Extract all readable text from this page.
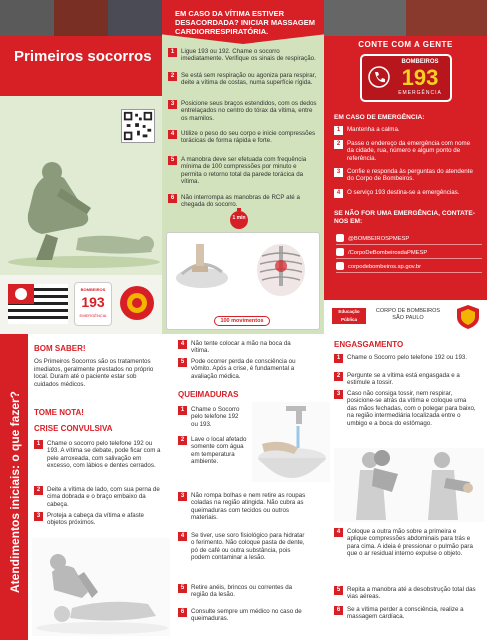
Primeiros socorros
BOMBEIROS
193
EMERGÊNCIA
EM CASO DA VÍTIMA ESTIVER DESACORDADA? INICIAR MASSAGEM CARDIORRESPIRATÓRIA.
1 Ligue 193 ou 192. Chame o socorro imediatamente. Verifique os sinais de respiração.
2 Se está sem respiração ou agoniza para respirar, deite a vítima de costas, numa superfície rígida.
3 Posicione seus braços estendidos, com os dedos entrelaçados no centro do tórax da vítima, entre os mamilos.
4 Utilize o peso do seu corpo e inicie compressões torácicas de forma rápida e forte.
5 A manobra deve ser efetuada com frequência mínima de 100 compressões por minuto e permita o retorno total da parede torácica da vítima.
6 Não interrompa as manobras de RCP até a chegada do socorro.
1 min
100 movimentos
CONTE COM A GENTE
BOMBEIROS
193
EMERGÊNCIA
EM CASO DE EMERGÊNCIA:
1 Mantenha a calma.
2 Passe o endereço da emergência com nome da cidade, rua, número e algum ponto de referência.
3 Confie e responda às perguntas do atendente do Corpo de Bombeiros.
4 O serviço 193 destina-se a emergências.
SE NÃO FOR UMA EMERGÊNCIA, CONTATE-NOS EM:
@BOMBEIROSPMESP
/CorpoDeBombeirosdaPMESP
corpodebombeiros.sp.gov.br
Educação Pública
CORPO DE BOMBEIROS SÃO PAULO
Atendimentos iniciais: o que fazer?
BOM SABER!
Os Primeiros Socorros são os tratamentos imediatos, geralmente prestados no próprio local. Duram até o paciente estar sob cuidados médicos.
TOME NOTA!
CRISE CONVULSIVA
1 Chame o socorro pelo telefone 192 ou 193. A vítima se debate, pode ficar com a pele arroxeada, com salivação em excesso, com lábios e dentes cerrados.
2 Deite a vítima de lado, com sua perna de cima dobrada e o braço embaixo da cabeça.
3 Proteja a cabeça da vítima e afaste objetos próximos.
4 Não tente colocar a mão na boca da vítima.
5 Pode ocorrer perda de consciência ou vômito. Após a crise, é fundamental a avaliação médica.
QUEIMADURAS
1 Chame o Socorro pelo telefone 192 ou 193.
2 Lave o local afetado somente com água em temperatura ambiente.
3 Não rompa bolhas e nem retire as roupas coladas na região atingida. Não cubra as queimaduras com tecidos ou outros materiais.
4 Se tiver, use soro fisiológico para hidratar o ferimento. Não coloque pasta de dente, pó de café ou outra substância, pois podem contaminar a lesão.
5 Retire anéis, brincos ou correntes da região da lesão.
6 Consulte sempre um médico no caso de queimaduras.
ENGASGAMENTO
1 Chame o Socorro pelo telefone 192 ou 193.
2 Pergunte se a vítima está engasgada e a estimule a tossir.
3 Caso não consiga tossir, nem respirar, posicione-se atrás da vítima e coloque uma das mãos fechadas, com o polegar para baixo, na região intermediária localizada entre o umbigo e a boca do estômago.
4 Coloque a outra mão sobre a primeira e aplique compressões abdominais para trás e para cima. A ideia é pressionar o pulmão para que o ar residual interno expulse o objeto.
5 Repita a manobra até a desobstrução total das vias aéreas.
6 Se a vítima perder a consciência, realize a massagem cardíaca.
